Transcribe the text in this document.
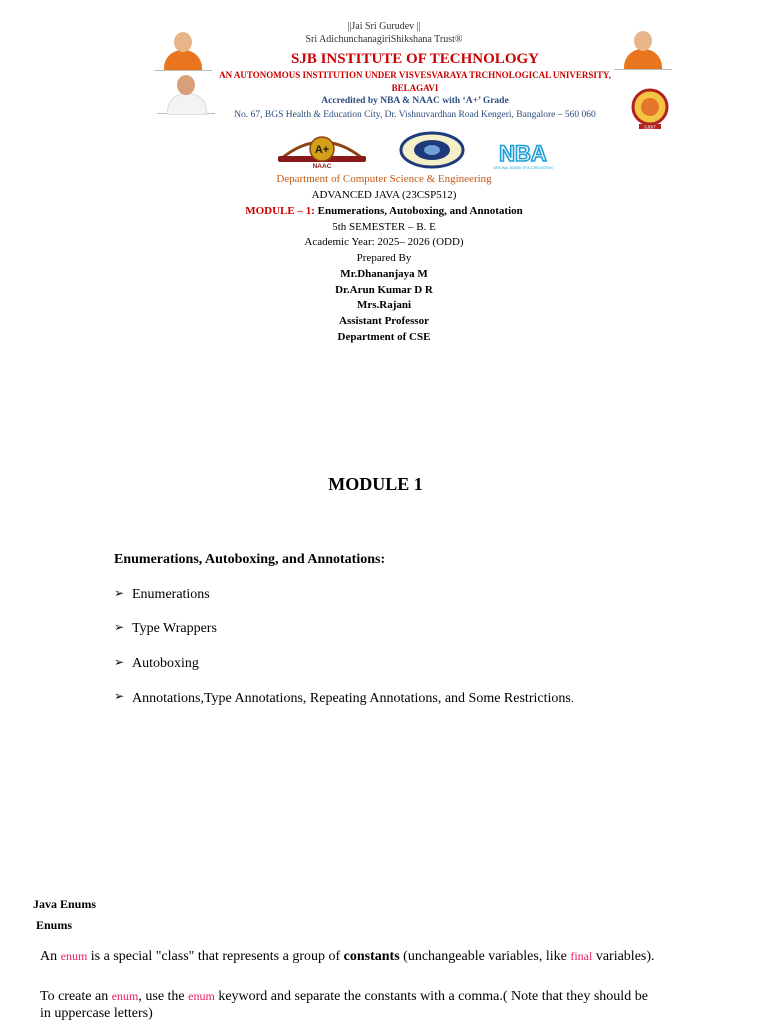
SJBIT
||Jai Sri Gurudev ||
Sri AdichunchanagiriShikshana Trust®
SJB INSTITUTE OF TECHNOLOGY
AN AUTONOMOUS INSTITUTION UNDER VISVESVARAYA TRCHNOLOGICAL UNIVERSITY,
BELAGAVI
Accredited by NBA & NAAC with ‘A+’ Grade
No. 67, BGS Health & Education City, Dr. Vishnuvardhan Road Kengeri, Bangalore – 560 060
A+
NAAC
NBA
NATIONAL BOARD OF ACCREDITATION
Department of Computer Science & Engineering
ADVANCED JAVA (23CSP512)
MODULE – 1: Enumerations, Autoboxing, and Annotation
5th SEMESTER – B. E
Academic Year: 2025– 2026 (ODD)
Prepared By
Mr.Dhananjaya M
Dr.Arun Kumar D R
Mrs.Rajani
Assistant Professor
Department of CSE
MODULE 1
Enumerations, Autoboxing, and Annotations:
➢ Enumerations
➢ Type Wrappers
➢ Autoboxing
➢ Annotations,Type Annotations, Repeating Annotations, and Some Restrictions.
Java Enums
Enums
An enum is a special "class" that represents a group of constants (unchangeable variables, like final variables).
To create an enum, use the enum keyword and separate the constants with a comma.( Note that they should be
in uppercase letters)
